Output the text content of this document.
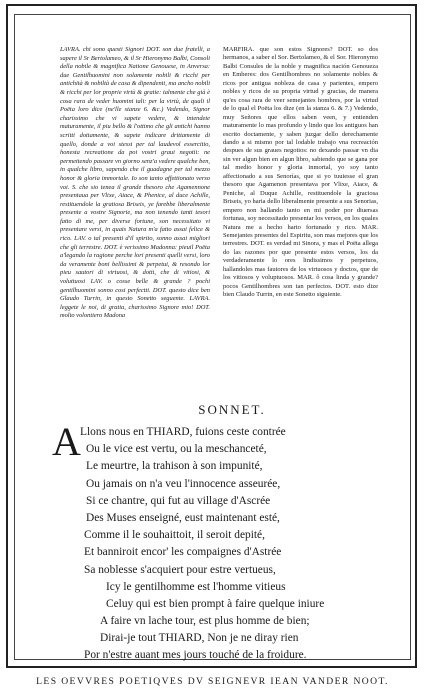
LAVRA. chi sono questi Signori DOT. son due fratelli, a sapere il Sr Bertolameo, & il Sr Hieronymo Balbi, Consoli della nobile & magnifica Natione Genouese, in Anversa: due Gentilhuomini non solamente nobili & ricchi per antichità & nobiltà de casa & dipendenti, ma ancho nobili & ricchi per lor proprie virtù & gratie: talmente che già è cosa rara de veder huomini tali: per la virtù, de quali il Poëta loro dice (ne'lle stanze 6. &c.) Vedendo, Signor charissimo che vi sapete vedere, & intendete maturamente, il piu bello & l'ottimo che gli antichi hanno scritti dottamente, & sapete indicare drittamente di quello, donde a voi stessi per tal laudevol essercitio, honesta recreatione da poi vostri graui negotii: ne permettendo passare vn giorno senz'a vedere qualche ben, in qualche libro, sapendo che il guadagne per tal mezzo honor & gloria immortale. Io son tanto affettionato verso voi. S. che sio tenea il grande thesoro che Agamennone presentaua per Vlixe, Aiace, & Phenice, al duce Achille, restituendole la gratiosa Briseis, ye farebbe liberalmente presente a vostre Signorie, ma non tenendo tanti tesori fatto di me, per diverse fortune, son necessitato vi presentare versi, in quais Natura m'a fatto assai felice & rico. LAV. o tal presenti d'il spirito, sonno assai migliori che gli terrestre. DOT. è verissimo Madonna: pieuil Poëta a'legando la ragione perche lori presenti quelli versi, loro da veramente boni bellissimi & perpetui, & resondo lor pieu sautori di virtuosi, & dotti, che di vitiosi, & voluttuosi LAV. o cosse belle & grande ? pochi gentilhuomini sonno cosi perfectti. DOT. questo dice ben Glaudo Turrin, in questo Sonetto seguente. LAVRA. leggete le noi, di gratia, charissimo Signore mio! DOT. molto volontiero Madona

MARFIRA. que son estos Signores? DOT. so dos hermanos, a saber el Sor. Bertolameo, & el Sor. Hieronymo Balbi Consules de la noble y magnifica nación Genoueza en Emberes: dos Gentilhombres no solamente nobles & ricos por antigua nobleza de casa y parientes, empero nobles y ricos de su propria virtud y gracias, de manera qu'es cosa rara de veer semejantes hombres, por la virtud de lo qual el Poëta los dize (en la stanza 6. & 7.) Vedendo, muy Señores que ellos saben veen, y entienden maturamente lo mas profundo y lindo que los antiguos han escrito doctamente, y saben juzgar dello derechamente dando a si mismo por tal lodable trabajo vna recreación despues de sus graues negotios: no dexando passar vn dia sin ver algun bien en algun libro, sabiendo que se gana por tal medio honor y gloria inmortal, yo soy tanto affectionado a sus Senorías, que si yo tuuiesse el gran thesoro que Agamenon presentava por Vlixe, Aiace, & Peniche, al Duque Achille, restituendole la graciosa Briseis, yo haria dello liberalmente presente a sus Senorias, empero non hallando tanto en mi poder por diuersas fortunas, soy necessitado presentar los versos, en los quales Natura me a hecho harto fortunado y rico. MAR. Semejantes presentes del Espiritu, son mas mejores que los terrestres. DOT. es verdad mi Sinora, y mas el Poëta allega do las razones por que presente estos versos, los da verdaderamente lo ores lindissimos y perpetuos, hallandoles mas fautores de los virtuosos y doctos, que de los vitiosos y voluptuosos. MAR. ô cosa linda y grande? pocos Gentilhombres son tan perfectos. DOT. esto dize bien Claudo Turrin, en este Sonetto siguiente.

SONNET.
A Llons nous en THIARD, fuions ceste contrée
Ou le vice est vertu, ou la meschanceté,
Le meurtre, la trahison à son impunité,
Ou jamais on n'a veu l'innocence asseurée,
Si ce chantre, qui fut au village d'Ascrée
Des Muses enseigné, eust maintenant esté,
Comme il le souhaittoit, il seroit depité,
Et banniroit encor' les compaignes d'Astrée
Sa noblesse s'acquiert pour estre vertueus,
Icy le gentilhomme est l'homme vitieus
Celuy qui est bien prompt à faire quelque iniure
A faire vn lache tour, est plus homme de bien;
Dirai-je tout THIARD, Non je ne diray rien
Por n'estre auant mes jours touché de la froidure.
LES OEVVRES POETIQVES DV SEIGNEVR IEAN VANDER NOOT.
